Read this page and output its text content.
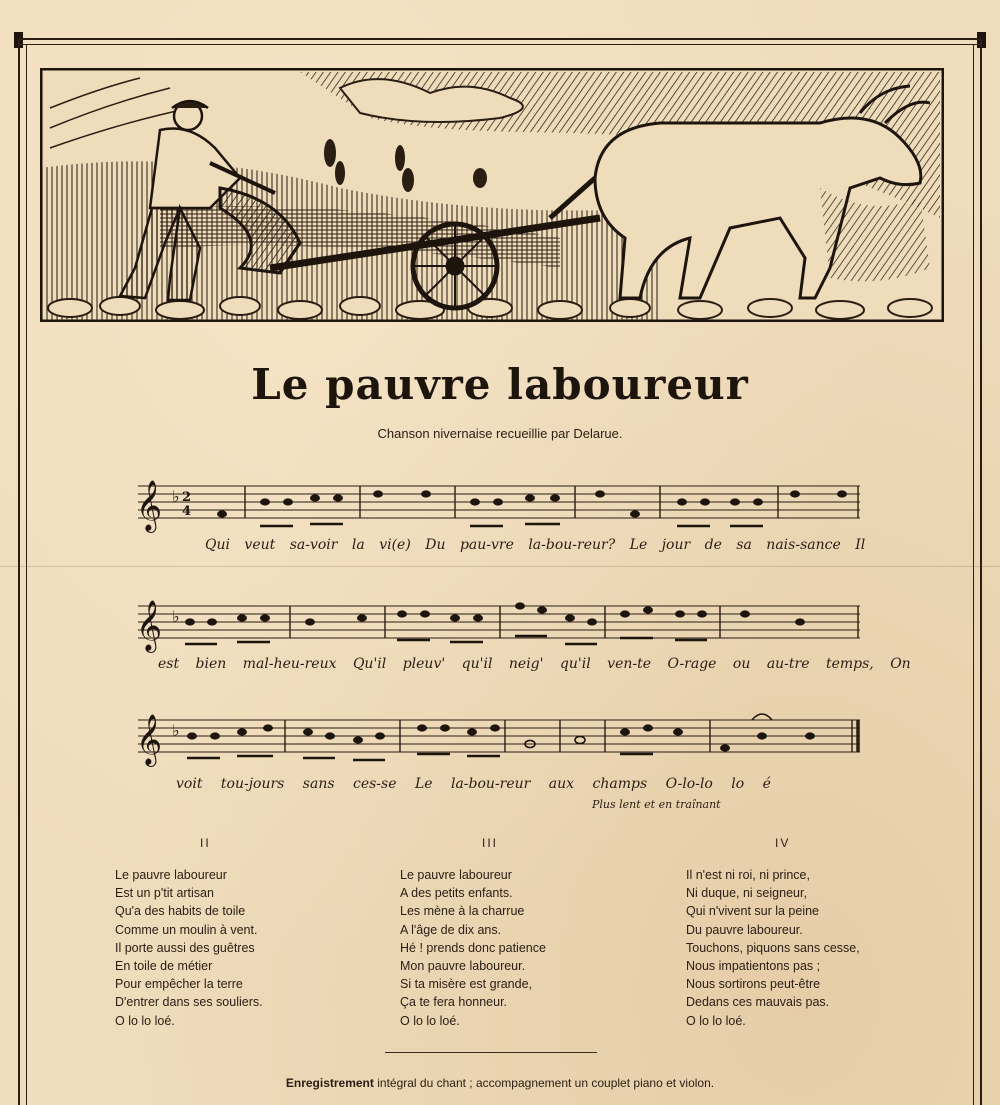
Le pauvre laboureur
Chanson nivernaise recueillie par Delarue.
𝄞 ♭ 2
4
Qui veut sa-voir la vi(e) Du pau-vre la-bou-reur? Le jour de sa nais-sance Il
𝄞 ♭
est bien mal-heu-reux Qu'il pleuv' qu'il neig' qu'il ven-te O-rage ou au-tre temps, On
𝄞 ♭
voit tou-jours sans ces-se Le la-bou-reur aux champs O-lo-lo lo é
Plus lent et en traînant
II	III	IV
Le pauvre laboureur
Est un p'tit artisan
Qu'a des habits de toile
Comme un moulin à vent.
Il porte aussi des guêtres
En toile de métier
Pour empêcher la terre
D'entrer dans ses souliers.
O lo lo loé.
Le pauvre laboureur
A des petits enfants.
Les mène à la charrue
A l'âge de dix ans.
Hé ! prends donc patience
Mon pauvre laboureur.
Si ta misère est grande,
Ça te fera honneur.
O lo lo loé.
Il n'est ni roi, ni prince,
Ni duque, ni seigneur,
Qui n'vivent sur la peine
Du pauvre laboureur.
Touchons, piquons sans cesse,
Nous impatientons pas ;
Nous sortirons peut-être
Dedans ces mauvais pas.
O lo lo loé.
Enregistrement intégral du chant ; accompagnement un couplet piano et violon.
